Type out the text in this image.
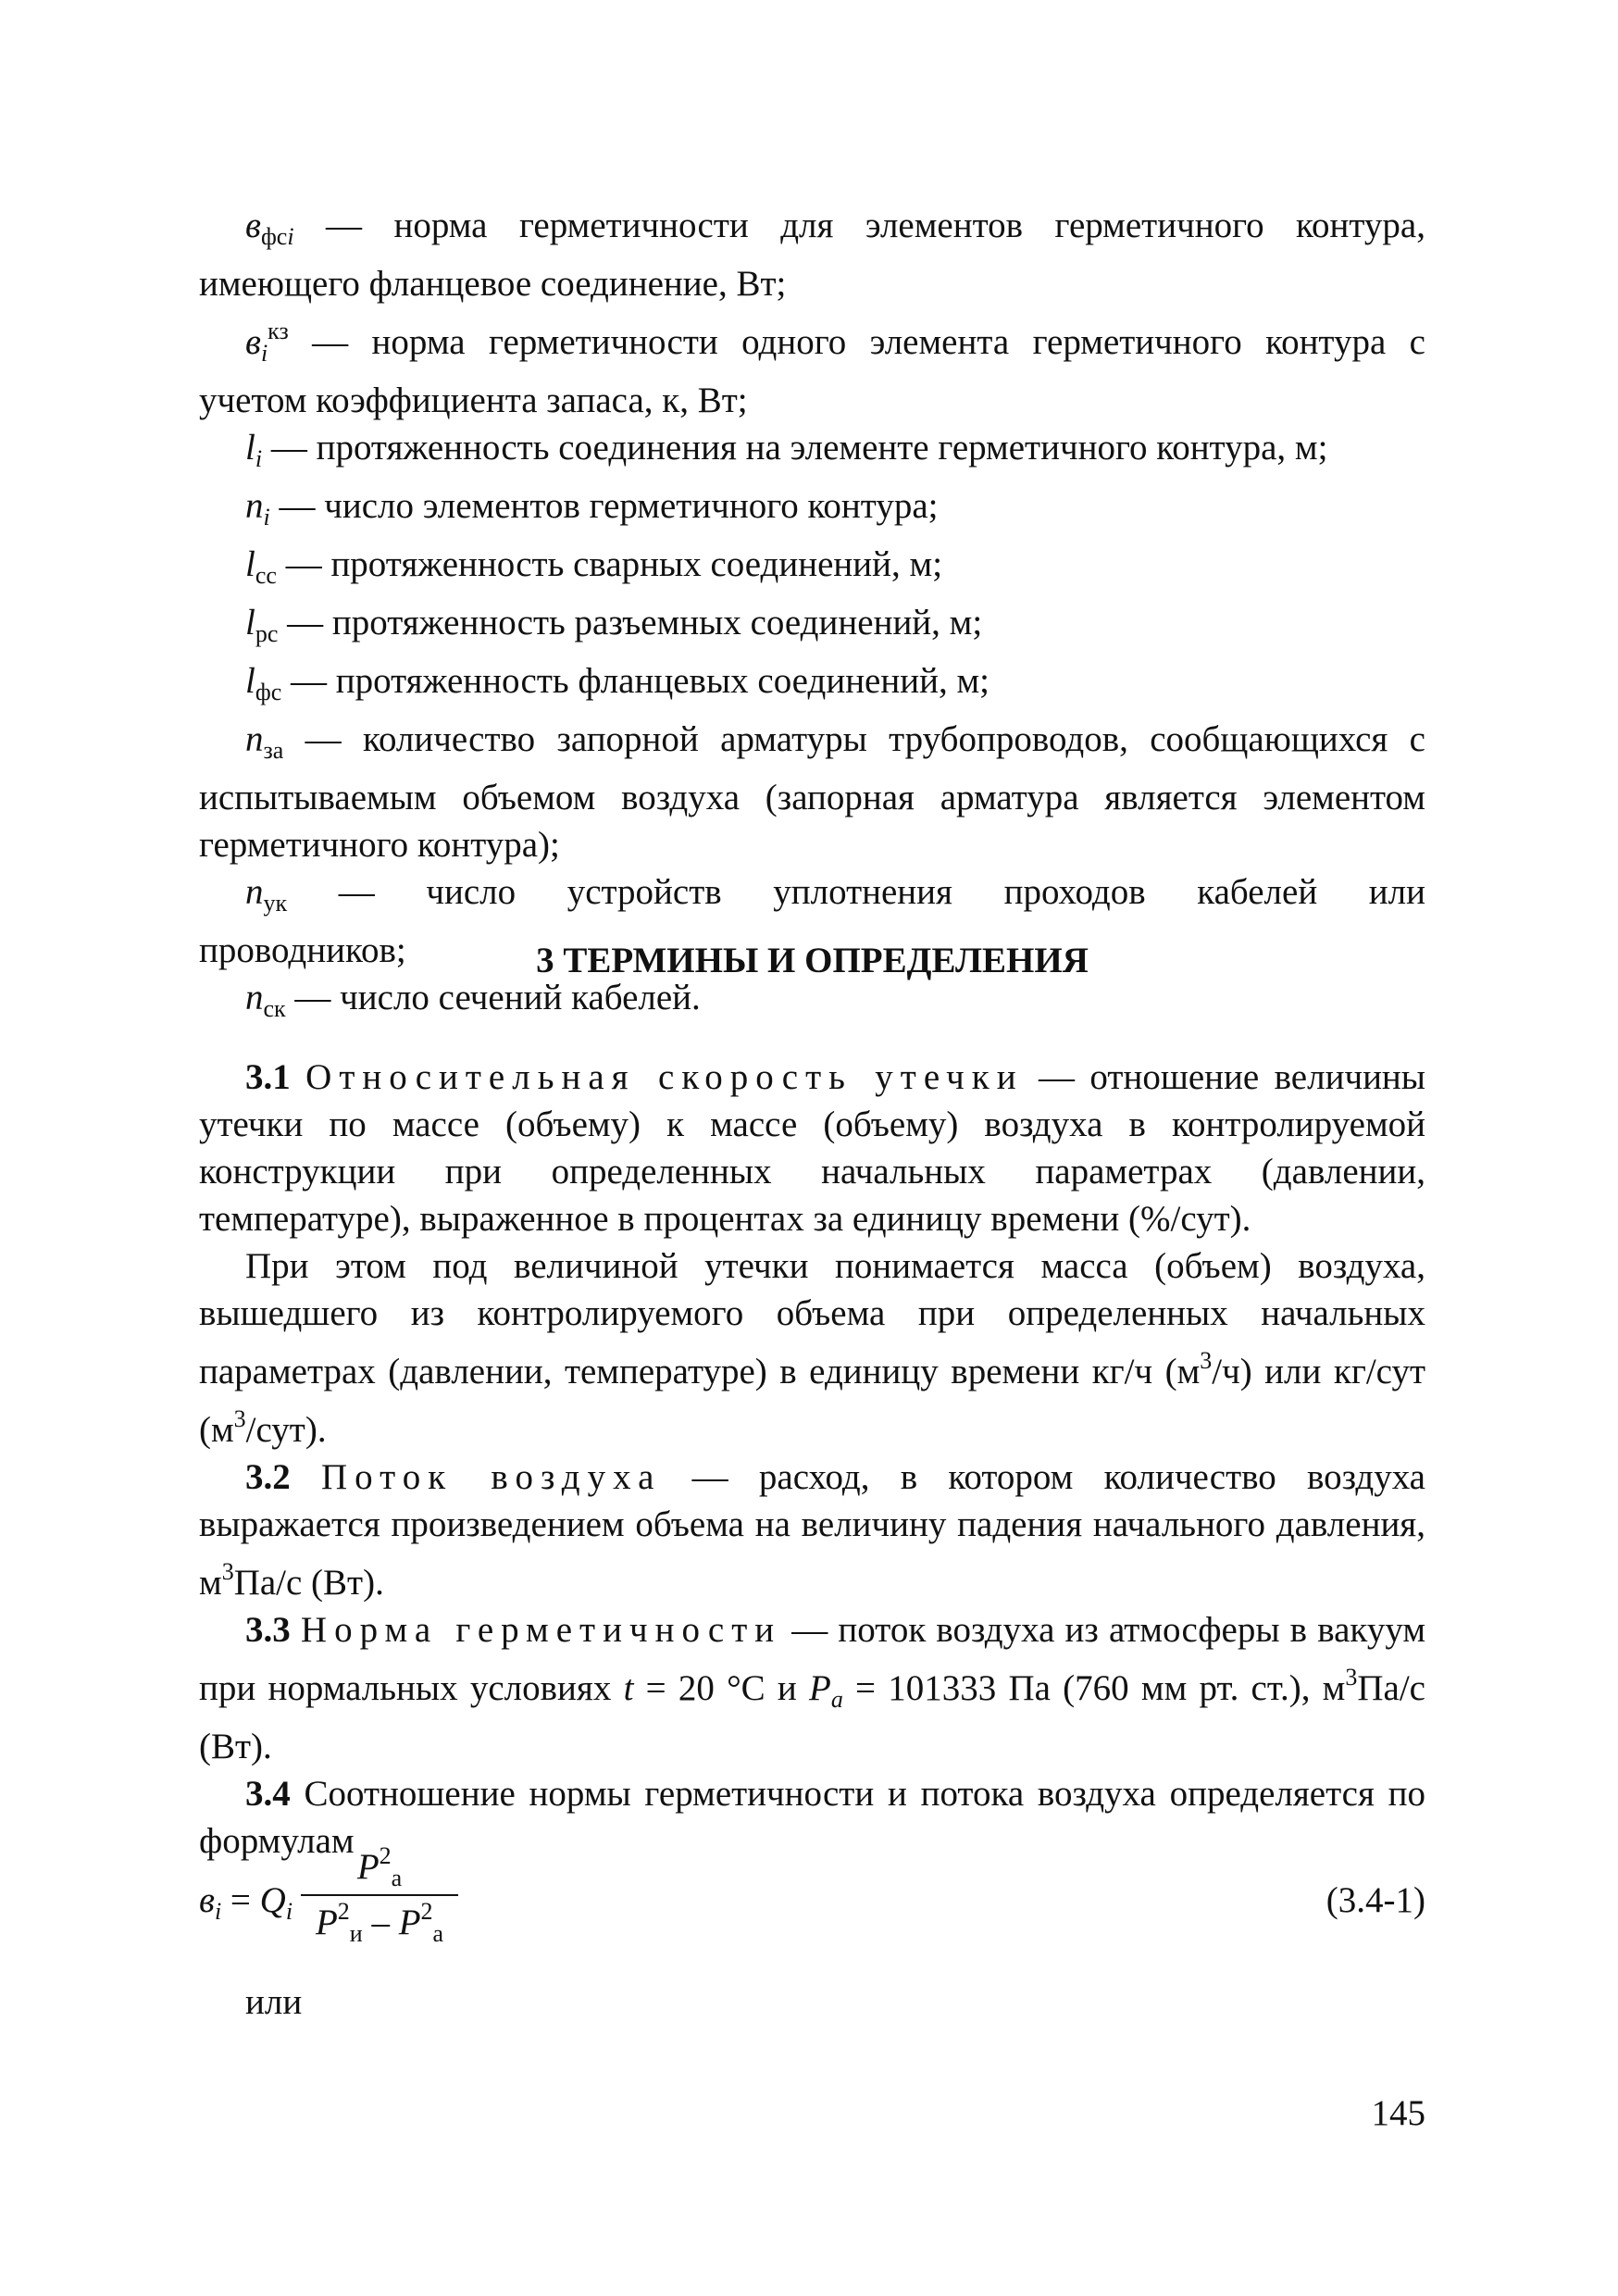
$в_{фсi}$ — норма герметичности для элементов герметичного контура, имеющего фланцевое соединение, Вт;

$в_i^{кз}$ — норма герметичности одного элемента герметичного контура с учетом коэффициента запаса, к, Вт;

$l_i$ — протяженность соединения на элементе герметичного контура, м;

$n_i$ — число элементов герметичного контура;

$l_{сс}$ — протяженность сварных соединений, м;

$l_{рс}$ — протяженность разъемных соединений, м;

$l_{фс}$ — протяженность фланцевых соединений, м;

$n_{за}$ — количество запорной арматуры трубопроводов, сообщающихся с испытываемым объемом воздуха (запорная арматура является элементом герметичного контура);

$n_{ук}$ — число устройств уплотнения проходов кабелей или проводников;

$n_{ск}$ — число сечений кабелей.

3 ТЕРМИНЫ И ОПРЕДЕЛЕНИЯ

3.1 Относительная скорость утечки — отношение величины утечки по массе (объему) к массе (объему) воздуха в контролируемой конструкции при определенных начальных параметрах (давлении, температуре), выраженное в процентах за единицу времени (%/сут).

При этом под величиной утечки понимается масса (объем) воздуха, вышедшего из контролируемого объема при определенных начальных параметрах (давлении, температуре) в единицу времени кг/ч $(м^3/ч)$ или кг/сут $(м^3/сут)$.

3.2 Поток воздуха — расход, в котором количество воздуха выражается произведением объема на величину падения начального давления, $м^3Па/с$ (Вт).

3.3 Норма герметичности — поток воздуха из атмосферы в вакуум при нормальных условиях t = 20 °С и $P_a = 101333$ Па (760 мм рт. ст.), $м^3Па/с$ (Вт).

3.4 Соотношение нормы герметичности и потока воздуха определяется по формулам

$в_i = Q_i$
$P^2_а$
$P^2_и - P^2_а$
(3.4-1)
или
145
